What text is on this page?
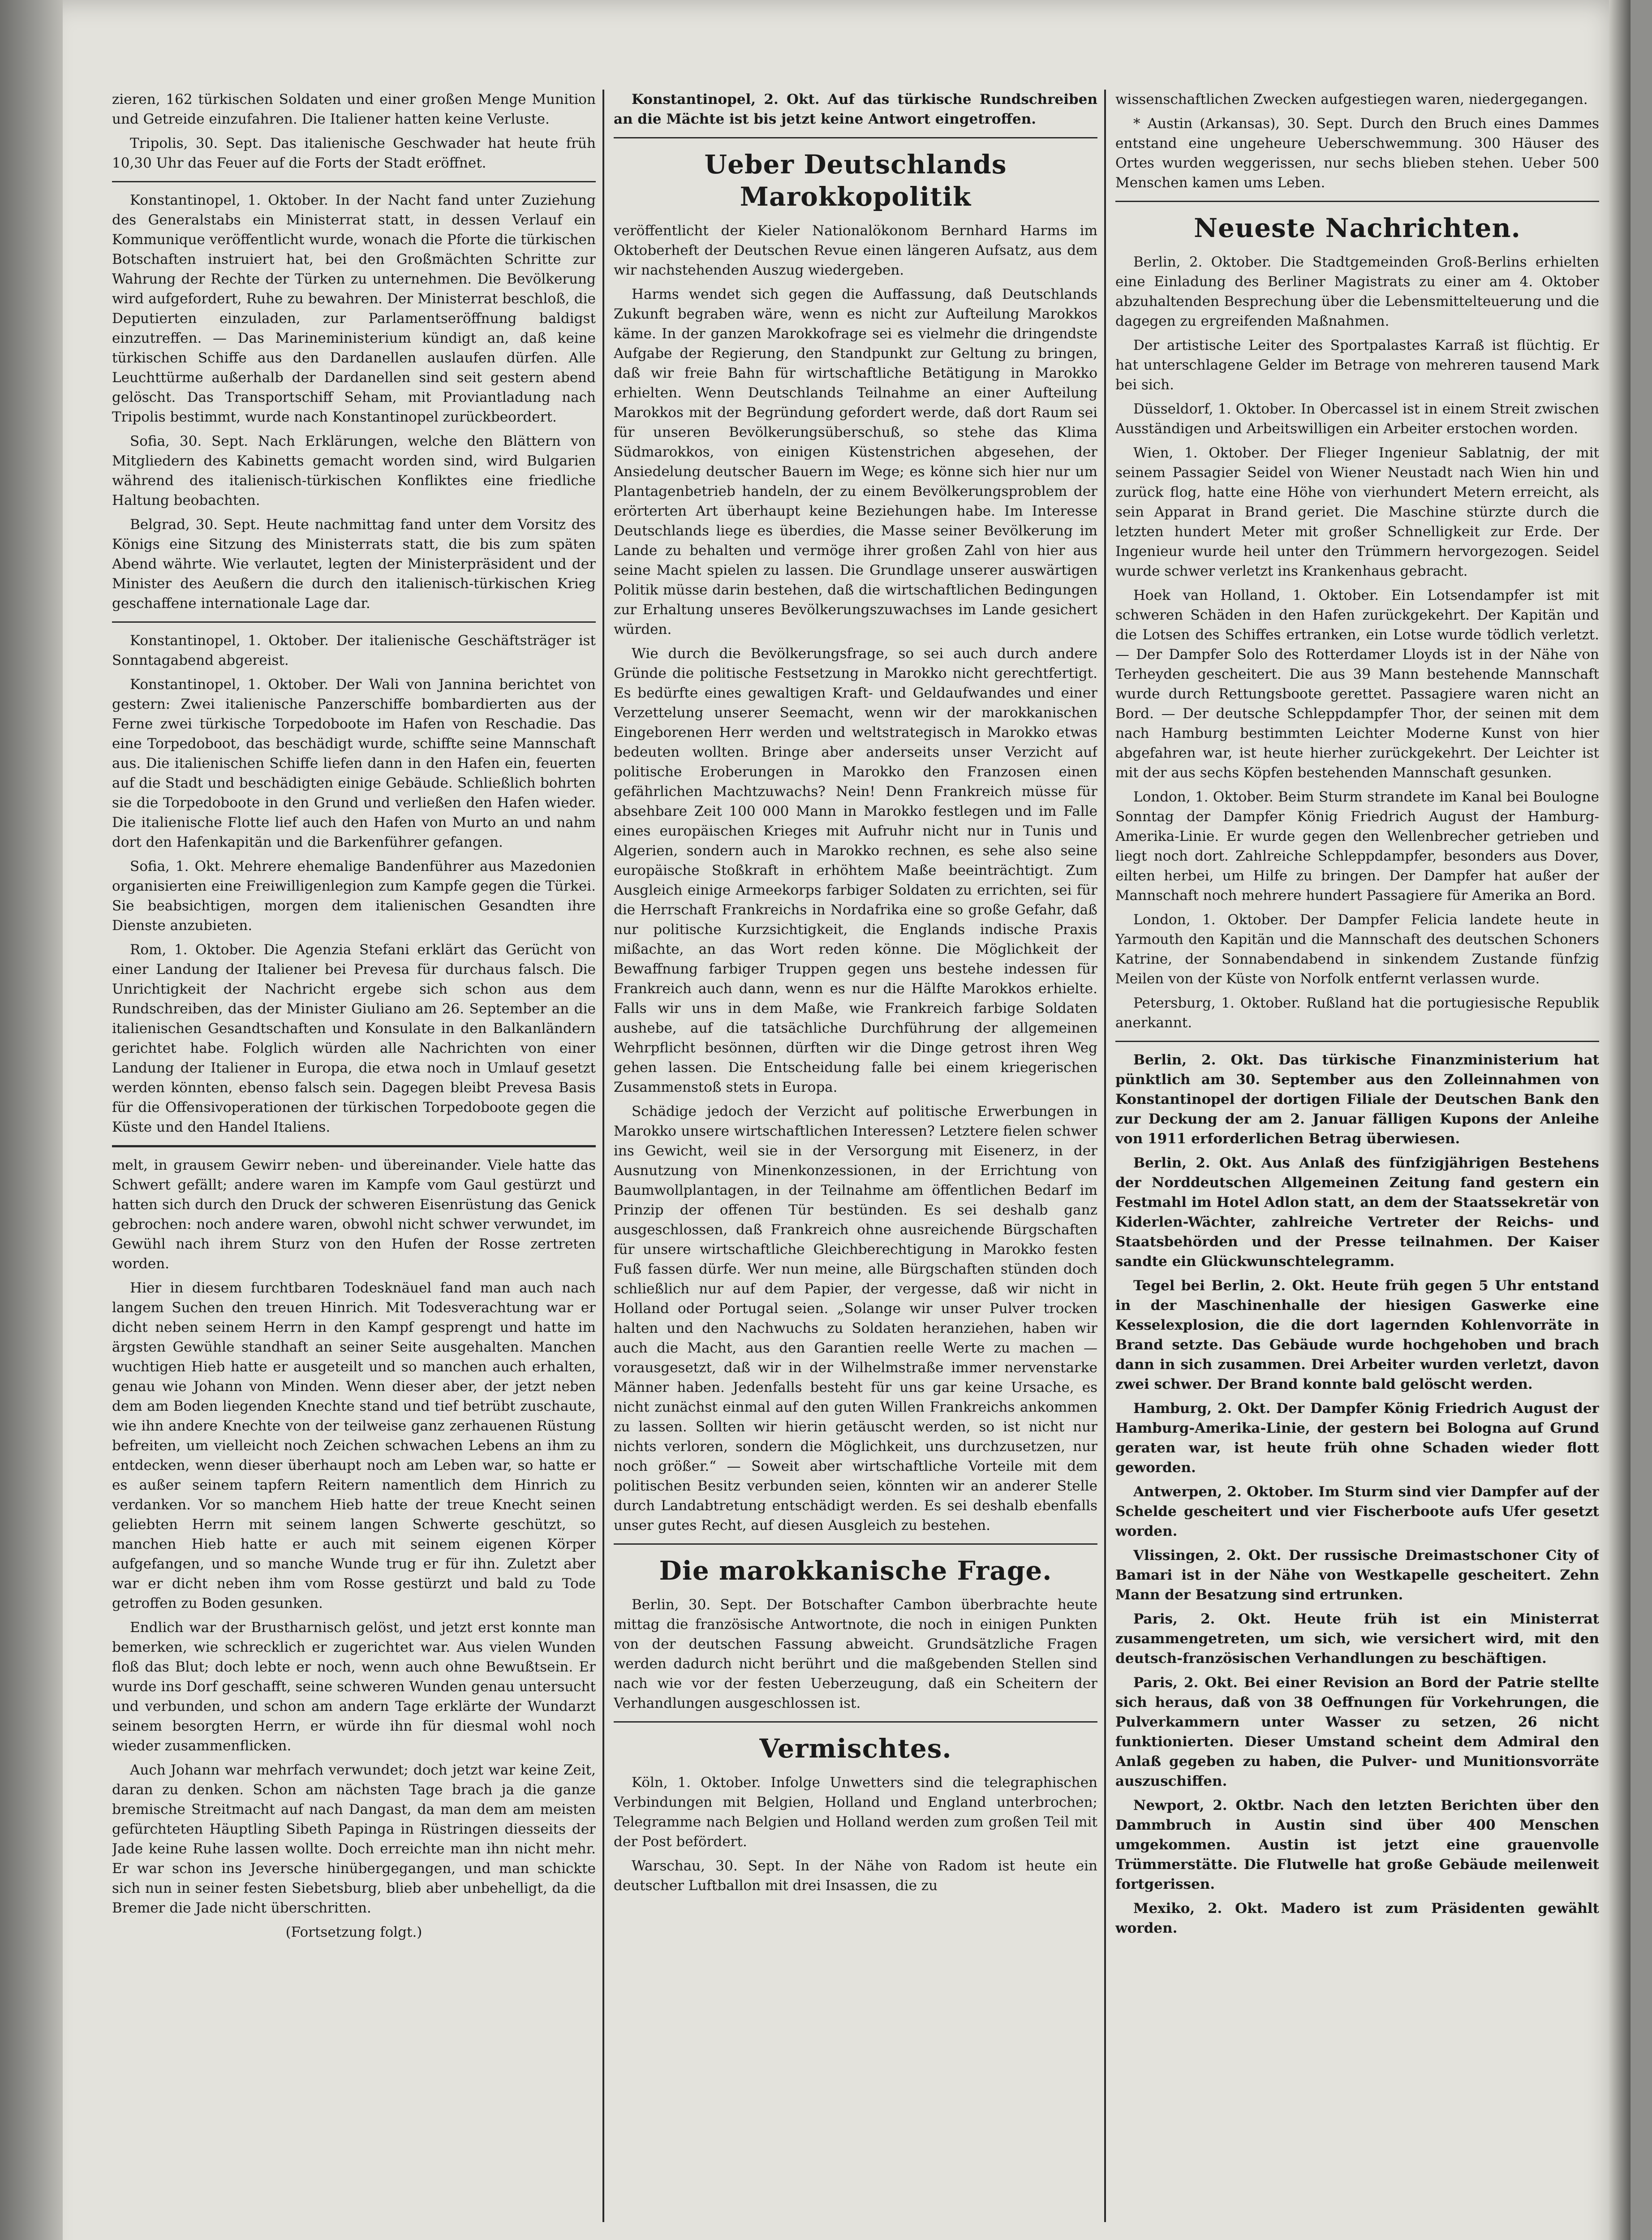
zieren, 162 türkischen Soldaten und einer großen Menge Munition und Getreide einzufahren. Die Italiener hatten keine Verluste.

Tripolis, 30. Sept. Das italienische Geschwader hat heute früh 10,30 Uhr das Feuer auf die Forts der Stadt eröffnet.

Konstantinopel, 1. Oktober. In der Nacht fand unter Zuziehung des Generalstabs ein Ministerrat statt, in dessen Verlauf ein Kommunique veröffentlicht wurde, wonach die Pforte die türkischen Botschaften instruiert hat, bei den Großmächten Schritte zur Wahrung der Rechte der Türken zu unternehmen. Die Bevölkerung wird aufgefordert, Ruhe zu bewahren. Der Ministerrat beschloß, die Deputierten einzuladen, zur Parlamentseröffnung baldigst einzutreffen. — Das Marineministerium kündigt an, daß keine türkischen Schiffe aus den Dardanellen auslaufen dürfen. Alle Leuchttürme außerhalb der Dardanellen sind seit gestern abend gelöscht. Das Transportschiff Seham, mit Proviantladung nach Tripolis bestimmt, wurde nach Konstantinopel zurückbeordert.

Sofia, 30. Sept. Nach Erklärungen, welche den Blättern von Mitgliedern des Kabinetts gemacht worden sind, wird Bulgarien während des italienisch-türkischen Konfliktes eine friedliche Haltung beobachten.

Belgrad, 30. Sept. Heute nachmittag fand unter dem Vorsitz des Königs eine Sitzung des Ministerrats statt, die bis zum späten Abend währte. Wie verlautet, legten der Ministerpräsident und der Minister des Aeußern die durch den italienisch-türkischen Krieg geschaffene internationale Lage dar.

Konstantinopel, 1. Oktober. Der italienische Geschäftsträger ist Sonntagabend abgereist.

Konstantinopel, 1. Oktober. Der Wali von Jannina berichtet von gestern: Zwei italienische Panzerschiffe bombardierten aus der Ferne zwei türkische Torpedoboote im Hafen von Reschadie. Das eine Torpedoboot, das beschädigt wurde, schiffte seine Mannschaft aus. Die italienischen Schiffe liefen dann in den Hafen ein, feuerten auf die Stadt und beschädigten einige Gebäude. Schließlich bohrten sie die Torpedoboote in den Grund und verließen den Hafen wieder. Die italienische Flotte lief auch den Hafen von Murto an und nahm dort den Hafenkapitän und die Barkenführer gefangen.

Sofia, 1. Okt. Mehrere ehemalige Bandenführer aus Mazedonien organisierten eine Freiwilligenlegion zum Kampfe gegen die Türkei. Sie beabsichtigen, morgen dem italienischen Gesandten ihre Dienste anzubieten.

Rom, 1. Oktober. Die Agenzia Stefani erklärt das Gerücht von einer Landung der Italiener bei Prevesa für durchaus falsch. Die Unrichtigkeit der Nachricht ergebe sich schon aus dem Rundschreiben, das der Minister Giuliano am 26. September an die italienischen Gesandtschaften und Konsulate in den Balkanländern gerichtet habe. Folglich würden alle Nachrichten von einer Landung der Italiener in Europa, die etwa noch in Umlauf gesetzt werden könnten, ebenso falsch sein. Dagegen bleibt Prevesa Basis für die Offensivoperationen der türkischen Torpedoboote gegen die Küste und den Handel Italiens.

melt, in grausem Gewirr neben- und übereinander. Viele hatte das Schwert gefällt; andere waren im Kampfe vom Gaul gestürzt und hatten sich durch den Druck der schweren Eisenrüstung das Genick gebrochen: noch andere waren, obwohl nicht schwer verwundet, im Gewühl nach ihrem Sturz von den Hufen der Rosse zertreten worden.

Hier in diesem furchtbaren Todesknäuel fand man auch nach langem Suchen den treuen Hinrich. Mit Todesverachtung war er dicht neben seinem Herrn in den Kampf gesprengt und hatte im ärgsten Gewühle standhaft an seiner Seite ausgehalten. Manchen wuchtigen Hieb hatte er ausgeteilt und so manchen auch erhalten, genau wie Johann von Minden. Wenn dieser aber, der jetzt neben dem am Boden liegenden Knechte stand und tief betrübt zuschaute, wie ihn andere Knechte von der teilweise ganz zerhauenen Rüstung befreiten, um vielleicht noch Zeichen schwachen Lebens an ihm zu entdecken, wenn dieser überhaupt noch am Leben war, so hatte er es außer seinem tapfern Reitern namentlich dem Hinrich zu verdanken. Vor so manchem Hieb hatte der treue Knecht seinen geliebten Herrn mit seinem langen Schwerte geschützt, so manchen Hieb hatte er auch mit seinem eigenen Körper aufgefangen, und so manche Wunde trug er für ihn. Zuletzt aber war er dicht neben ihm vom Rosse gestürzt und bald zu Tode getroffen zu Boden gesunken.

Endlich war der Brustharnisch gelöst, und jetzt erst konnte man bemerken, wie schrecklich er zugerichtet war. Aus vielen Wunden floß das Blut; doch lebte er noch, wenn auch ohne Bewußtsein. Er wurde ins Dorf geschafft, seine schweren Wunden genau untersucht und verbunden, und schon am andern Tage erklärte der Wundarzt seinem besorgten Herrn, er würde ihn für diesmal wohl noch wieder zusammenflicken.

Auch Johann war mehrfach verwundet; doch jetzt war keine Zeit, daran zu denken. Schon am nächsten Tage brach ja die ganze bremische Streitmacht auf nach Dangast, da man dem am meisten gefürchteten Häuptling Sibeth Papinga in Rüstringen diesseits der Jade keine Ruhe lassen wollte. Doch erreichte man ihn nicht mehr. Er war schon ins Jeversche hinübergegangen, und man schickte sich nun in seiner festen Siebetsburg, blieb aber unbehelligt, da die Bremer die Jade nicht überschritten.

(Fortsetzung folgt.)

Konstantinopel, 2. Okt. Auf das türkische Rundschreiben an die Mächte ist bis jetzt keine Antwort eingetroffen.

Ueber Deutschlands Marokkopolitik

veröffentlicht der Kieler Nationalökonom Bernhard Harms im Oktoberheft der Deutschen Revue einen längeren Aufsatz, aus dem wir nachstehenden Auszug wiedergeben.

Harms wendet sich gegen die Auffassung, daß Deutschlands Zukunft begraben wäre, wenn es nicht zur Aufteilung Marokkos käme. In der ganzen Marokkofrage sei es vielmehr die dringendste Aufgabe der Regierung, den Standpunkt zur Geltung zu bringen, daß wir freie Bahn für wirtschaftliche Betätigung in Marokko erhielten. Wenn Deutschlands Teilnahme an einer Aufteilung Marokkos mit der Begründung gefordert werde, daß dort Raum sei für unseren Bevölkerungsüberschuß, so stehe das Klima Südmarokkos, von einigen Küstenstrichen abgesehen, der Ansiedelung deutscher Bauern im Wege; es könne sich hier nur um Plantagenbetrieb handeln, der zu einem Bevölkerungsproblem der erörterten Art überhaupt keine Beziehungen habe. Im Interesse Deutschlands liege es überdies, die Masse seiner Bevölkerung im Lande zu behalten und vermöge ihrer großen Zahl von hier aus seine Macht spielen zu lassen. Die Grundlage unserer auswärtigen Politik müsse darin bestehen, daß die wirtschaftlichen Bedingungen zur Erhaltung unseres Bevölkerungszuwachses im Lande gesichert würden.

Wie durch die Bevölkerungsfrage, so sei auch durch andere Gründe die politische Festsetzung in Marokko nicht gerechtfertigt. Es bedürfte eines gewaltigen Kraft- und Geldaufwandes und einer Verzettelung unserer Seemacht, wenn wir der marokkanischen Eingeborenen Herr werden und weltstrategisch in Marokko etwas bedeuten wollten. Bringe aber anderseits unser Verzicht auf politische Eroberungen in Marokko den Franzosen einen gefährlichen Machtzuwachs? Nein! Denn Frankreich müsse für absehbare Zeit 100 000 Mann in Marokko festlegen und im Falle eines europäischen Krieges mit Aufruhr nicht nur in Tunis und Algerien, sondern auch in Marokko rechnen, es sehe also seine europäische Stoßkraft in erhöhtem Maße beeinträchtigt. Zum Ausgleich einige Armeekorps farbiger Soldaten zu errichten, sei für die Herrschaft Frankreichs in Nordafrika eine so große Gefahr, daß nur politische Kurzsichtigkeit, die Englands indische Praxis mißachte, an das Wort reden könne. Die Möglichkeit der Bewaffnung farbiger Truppen gegen uns bestehe indessen für Frankreich auch dann, wenn es nur die Hälfte Marokkos erhielte. Falls wir uns in dem Maße, wie Frankreich farbige Soldaten aushebe, auf die tatsächliche Durchführung der allgemeinen Wehrpflicht besönnen, dürften wir die Dinge getrost ihren Weg gehen lassen. Die Entscheidung falle bei einem kriegerischen Zusammenstoß stets in Europa.

Schädige jedoch der Verzicht auf politische Erwerbungen in Marokko unsere wirtschaftlichen Interessen? Letztere fielen schwer ins Gewicht, weil sie in der Versorgung mit Eisenerz, in der Ausnutzung von Minenkonzessionen, in der Errichtung von Baumwollplantagen, in der Teilnahme am öffentlichen Bedarf im Prinzip der offenen Tür bestünden. Es sei deshalb ganz ausgeschlossen, daß Frankreich ohne ausreichende Bürgschaften für unsere wirtschaftliche Gleichberechtigung in Marokko festen Fuß fassen dürfe. Wer nun meine, alle Bürgschaften stünden doch schließlich nur auf dem Papier, der vergesse, daß wir nicht in Holland oder Portugal seien. „Solange wir unser Pulver trocken halten und den Nachwuchs zu Soldaten heranziehen, haben wir auch die Macht, aus den Garantien reelle Werte zu machen — vorausgesetzt, daß wir in der Wilhelmstraße immer nervenstarke Männer haben. Jedenfalls besteht für uns gar keine Ursache, es nicht zunächst einmal auf den guten Willen Frankreichs ankommen zu lassen. Sollten wir hierin getäuscht werden, so ist nicht nur nichts verloren, sondern die Möglichkeit, uns durchzusetzen, nur noch größer.“ — Soweit aber wirtschaftliche Vorteile mit dem politischen Besitz verbunden seien, könnten wir an anderer Stelle durch Landabtretung entschädigt werden. Es sei deshalb ebenfalls unser gutes Recht, auf diesen Ausgleich zu bestehen.

Die marokkanische Frage.

Berlin, 30. Sept. Der Botschafter Cambon überbrachte heute mittag die französische Antwortnote, die noch in einigen Punkten von der deutschen Fassung abweicht. Grundsätzliche Fragen werden dadurch nicht berührt und die maßgebenden Stellen sind nach wie vor der festen Ueberzeugung, daß ein Scheitern der Verhandlungen ausgeschlossen ist.

Vermischtes.

Köln, 1. Oktober. Infolge Unwetters sind die telegraphischen Verbindungen mit Belgien, Holland und England unterbrochen; Telegramme nach Belgien und Holland werden zum großen Teil mit der Post befördert.

Warschau, 30. Sept. In der Nähe von Radom ist heute ein deutscher Luftballon mit drei Insassen, die zu

wissenschaftlichen Zwecken aufgestiegen waren, niedergegangen.

* Austin (Arkansas), 30. Sept. Durch den Bruch eines Dammes entstand eine ungeheure Ueberschwemmung. 300 Häuser des Ortes wurden weggerissen, nur sechs blieben stehen. Ueber 500 Menschen kamen ums Leben.

Neueste Nachrichten.

Berlin, 2. Oktober. Die Stadtgemeinden Groß-Berlins erhielten eine Einladung des Berliner Magistrats zu einer am 4. Oktober abzuhaltenden Besprechung über die Lebensmittelteuerung und die dagegen zu ergreifenden Maßnahmen.

Der artistische Leiter des Sportpalastes Karraß ist flüchtig. Er hat unterschlagene Gelder im Betrage von mehreren tausend Mark bei sich.

Düsseldorf, 1. Oktober. In Obercassel ist in einem Streit zwischen Ausständigen und Arbeitswilligen ein Arbeiter erstochen worden.

Wien, 1. Oktober. Der Flieger Ingenieur Sablatnig, der mit seinem Passagier Seidel von Wiener Neustadt nach Wien hin und zurück flog, hatte eine Höhe von vierhundert Metern erreicht, als sein Apparat in Brand geriet. Die Maschine stürzte durch die letzten hundert Meter mit großer Schnelligkeit zur Erde. Der Ingenieur wurde heil unter den Trümmern hervorgezogen. Seidel wurde schwer verletzt ins Krankenhaus gebracht.

Hoek van Holland, 1. Oktober. Ein Lotsendampfer ist mit schweren Schäden in den Hafen zurückgekehrt. Der Kapitän und die Lotsen des Schiffes ertranken, ein Lotse wurde tödlich verletzt. — Der Dampfer Solo des Rotterdamer Lloyds ist in der Nähe von Terheyden gescheitert. Die aus 39 Mann bestehende Mannschaft wurde durch Rettungsboote gerettet. Passagiere waren nicht an Bord. — Der deutsche Schleppdampfer Thor, der seinen mit dem nach Hamburg bestimmten Leichter Moderne Kunst von hier abgefahren war, ist heute hierher zurückgekehrt. Der Leichter ist mit der aus sechs Köpfen bestehenden Mannschaft gesunken.

London, 1. Oktober. Beim Sturm strandete im Kanal bei Boulogne Sonntag der Dampfer König Friedrich August der Hamburg-Amerika-Linie. Er wurde gegen den Wellenbrecher getrieben und liegt noch dort. Zahlreiche Schleppdampfer, besonders aus Dover, eilten herbei, um Hilfe zu bringen. Der Dampfer hat außer der Mannschaft noch mehrere hundert Passagiere für Amerika an Bord.

London, 1. Oktober. Der Dampfer Felicia landete heute in Yarmouth den Kapitän und die Mannschaft des deutschen Schoners Katrine, der Sonnabendabend in sinkendem Zustande fünfzig Meilen von der Küste von Norfolk entfernt verlassen wurde.

Petersburg, 1. Oktober. Rußland hat die portugiesische Republik anerkannt.

Berlin, 2. Okt. Das türkische Finanzministerium hat pünktlich am 30. September aus den Zolleinnahmen von Konstantinopel der dortigen Filiale der Deutschen Bank den zur Deckung der am 2. Januar fälligen Kupons der Anleihe von 1911 erforderlichen Betrag überwiesen.

Berlin, 2. Okt. Aus Anlaß des fünfzigjährigen Bestehens der Norddeutschen Allgemeinen Zeitung fand gestern ein Festmahl im Hotel Adlon statt, an dem der Staatssekretär von Kiderlen-Wächter, zahlreiche Vertreter der Reichs- und Staatsbehörden und der Presse teilnahmen. Der Kaiser sandte ein Glückwunschtelegramm.

Tegel bei Berlin, 2. Okt. Heute früh gegen 5 Uhr entstand in der Maschinenhalle der hiesigen Gaswerke eine Kesselexplosion, die die dort lagernden Kohlenvorräte in Brand setzte. Das Gebäude wurde hochgehoben und brach dann in sich zusammen. Drei Arbeiter wurden verletzt, davon zwei schwer. Der Brand konnte bald gelöscht werden.

Hamburg, 2. Okt. Der Dampfer König Friedrich August der Hamburg-Amerika-Linie, der gestern bei Bologna auf Grund geraten war, ist heute früh ohne Schaden wieder flott geworden.

Antwerpen, 2. Oktober. Im Sturm sind vier Dampfer auf der Schelde gescheitert und vier Fischerboote aufs Ufer gesetzt worden.

Vlissingen, 2. Okt. Der russische Dreimastschoner City of Bamari ist in der Nähe von Westkapelle gescheitert. Zehn Mann der Besatzung sind ertrunken.

Paris, 2. Okt. Heute früh ist ein Ministerrat zusammengetreten, um sich, wie versichert wird, mit den deutsch-französischen Verhandlungen zu beschäftigen.

Paris, 2. Okt. Bei einer Revision an Bord der Patrie stellte sich heraus, daß von 38 Oeffnungen für Vorkehrungen, die Pulverkammern unter Wasser zu setzen, 26 nicht funktionierten. Dieser Umstand scheint dem Admiral den Anlaß gegeben zu haben, die Pulver- und Munitionsvorräte auszuschiffen.

Newport, 2. Oktbr. Nach den letzten Berichten über den Dammbruch in Austin sind über 400 Menschen umgekommen. Austin ist jetzt eine grauenvolle Trümmerstätte. Die Flutwelle hat große Gebäude meilenweit fortgerissen.

Mexiko, 2. Okt. Madero ist zum Präsidenten gewählt worden.
